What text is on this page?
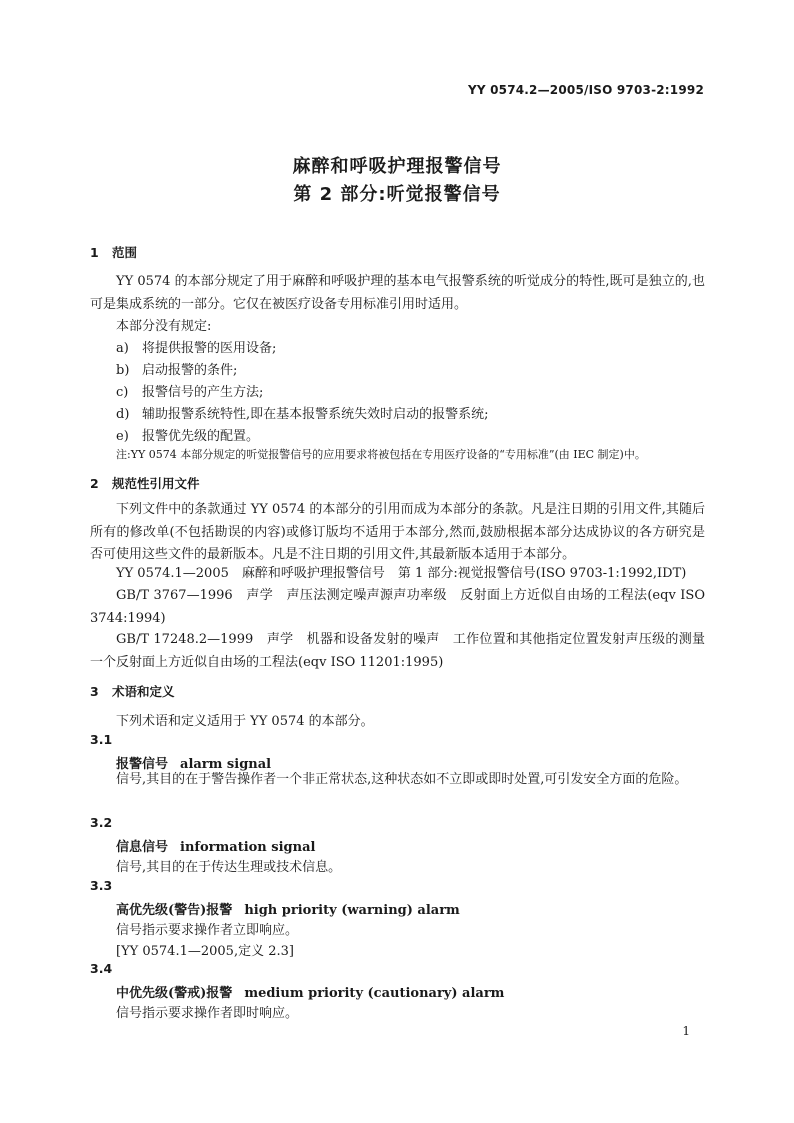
YY 0574.2—2005/ISO 9703-2:1992
麻醉和呼吸护理报警信号
第 2 部分:听觉报警信号
1 范围

YY 0574 的本部分规定了用于麻醉和呼吸护理的基本电气报警系统的听觉成分的特性,既可是独立的,也可是集成系统的一部分。它仅在被医疗设备专用标准引用时适用。

本部分没有规定:
a) 将提供报警的医用设备;
b) 启动报警的条件;
c) 报警信号的产生方法;
d) 辅助报警系统特性,即在基本报警系统失效时启动的报警系统;
e) 报警优先级的配置。
注:YY 0574 本部分规定的听觉报警信号的应用要求将被包括在专用医疗设备的“专用标准”(由 IEC 制定)中。
2 规范性引用文件

下列文件中的条款通过 YY 0574 的本部分的引用而成为本部分的条款。凡是注日期的引用文件,其随后所有的修改单(不包括勘误的内容)或修订版均不适用于本部分,然而,鼓励根据本部分达成协议的各方研究是否可使用这些文件的最新版本。凡是不注日期的引用文件,其最新版本适用于本部分。

YY 0574.1—2005　麻醉和呼吸护理报警信号　第 1 部分:视觉报警信号(ISO 9703-1:1992,IDT)

GB/T 3767—1996　声学　声压法测定噪声源声功率级　反射面上方近似自由场的工程法(eqv ISO 3744:1994)

GB/T 17248.2—1999　声学　机器和设备发射的噪声　工作位置和其他指定位置发射声压级的测量　一个反射面上方近似自由场的工程法(eqv ISO 11201:1995)

3 术语和定义
下列术语和定义适用于 YY 0574 的本部分。
3.1
报警信号 alarm signal

信号,其目的在于警告操作者一个非正常状态,这种状态如不立即或即时处置,可引发安全方面的危险。

3.2
信息信号 information signal
信号,其目的在于传达生理或技术信息。
3.3
高优先级(警告)报警 high priority (warning) alarm
信号指示要求操作者立即响应。
[YY 0574.1—2005,定义 2.3]
3.4
中优先级(警戒)报警 medium priority (cautionary) alarm
信号指示要求操作者即时响应。
1
